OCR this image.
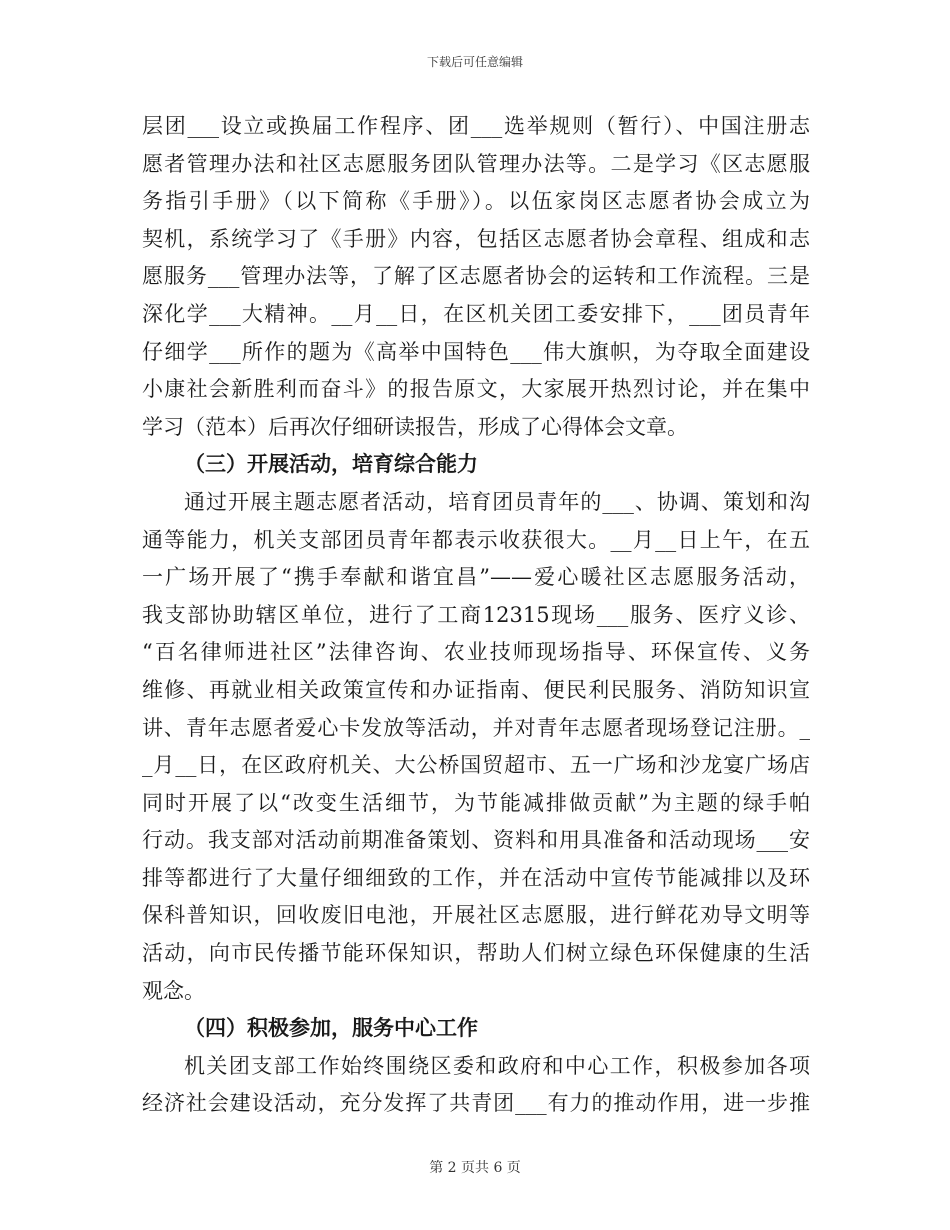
下载后可任意编辑
层团___设立或换届工作程序、团___选举规则（暂行）、中国注册志
愿者管理办法和社区志愿服务团队管理办法等。二是学习《区志愿服
务指引手册》（以下简称《手册》）。以伍家岗区志愿者协会成立为
契机，系统学习了《手册》内容，包括区志愿者协会章程、组成和志
愿服务___管理办法等，了解了区志愿者协会的运转和工作流程。三是
深化学___大精神。__月__日，在区机关团工委安排下，___团员青年
仔细学___所作的题为《高举中国特色___伟大旗帜，为夺取全面建设
小康社会新胜利而奋斗》的报告原文，大家展开热烈讨论，并在集中
学习（范本）后再次仔细研读报告，形成了心得体会文章。
（三）开展活动，培育综合能力
通过开展主题志愿者活动，培育团员青年的___、协调、策划和沟
通等能力，机关支部团员青年都表示收获很大。__月__日上午，在五
一广场开展了“携手奉献和谐宜昌”——爱心暖社区志愿服务活动，
我支部协助辖区单位，进行了工商12315现场___服务、医疗义诊、
“百名律师进社区”法律咨询、农业技师现场指导、环保宣传、义务
维修、再就业相关政策宣传和办证指南、便民利民服务、消防知识宣
讲、青年志愿者爱心卡发放等活动，并对青年志愿者现场登记注册。_
_月__日，在区政府机关、大公桥国贸超市、五一广场和沙龙宴广场店
同时开展了以“改变生活细节，为节能减排做贡献”为主题的绿手帕
行动。我支部对活动前期准备策划、资料和用具准备和活动现场___安
排等都进行了大量仔细细致的工作，并在活动中宣传节能减排以及环
保科普知识，回收废旧电池，开展社区志愿服，进行鲜花劝导文明等
活动，向市民传播节能环保知识，帮助人们树立绿色环保健康的生活
观念。
（四）积极参加，服务中心工作
机关团支部工作始终围绕区委和政府和中心工作，积极参加各项
经济社会建设活动，充分发挥了共青团___有力的推动作用，进一步推
第 2 页共 6 页
